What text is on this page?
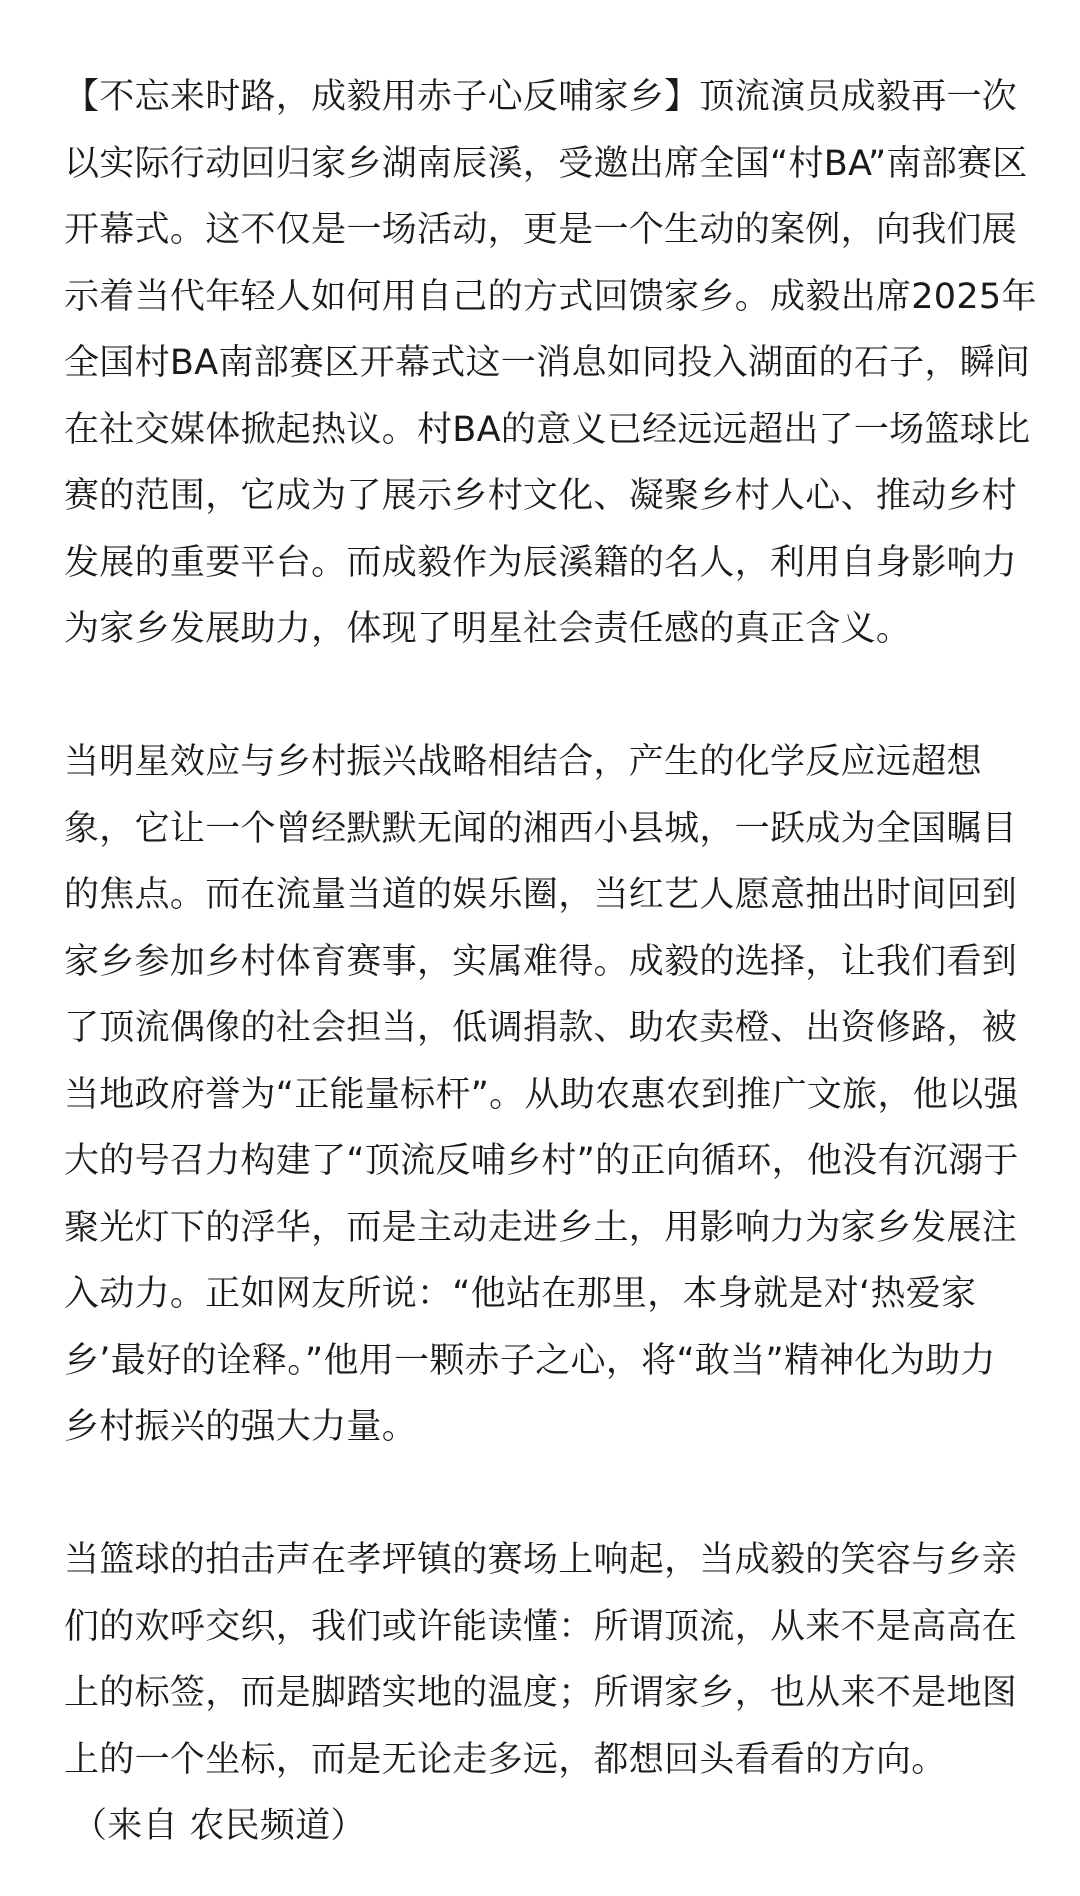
【不忘来时路，成毅用赤子心反哺家乡】顶流演员成毅再一次
以实际行动回归家乡湖南辰溪，受邀出席全国“村BA”南部赛区
开幕式。这不仅是一场活动，更是一个生动的案例，向我们展
示着当代年轻人如何用自己的方式回馈家乡。成毅出席2025年
全国村BA南部赛区开幕式这一消息如同投入湖面的石子，瞬间
在社交媒体掀起热议。村BA的意义已经远远超出了一场篮球比
赛的范围，它成为了展示乡村文化、凝聚乡村人心、推动乡村
发展的重要平台。而成毅作为辰溪籍的名人，利用自身影响力
为家乡发展助力，体现了明星社会责任感的真正含义。
当明星效应与乡村振兴战略相结合，产生的化学反应远超想
象，它让一个曾经默默无闻的湘西小县城，一跃成为全国瞩目
的焦点。而在流量当道的娱乐圈，当红艺人愿意抽出时间回到
家乡参加乡村体育赛事，实属难得。成毅的选择，让我们看到
了顶流偶像的社会担当，低调捐款、助农卖橙、出资修路，被
当地政府誉为“正能量标杆”。从助农惠农到推广文旅，他以强
大的号召力构建了“顶流反哺乡村”的正向循环，他没有沉溺于
聚光灯下的浮华，而是主动走进乡土，用影响力为家乡发展注
入动力。正如网友所说：“他站在那里，本身就是对‘热爱家
乡’最好的诠释。”他用一颗赤子之心，将“敢当”精神化为助力
乡村振兴的强大力量。
当篮球的拍击声在孝坪镇的赛场上响起，当成毅的笑容与乡亲
们的欢呼交织，我们或许能读懂：所谓顶流，从来不是高高在
上的标签，而是脚踏实地的温度；所谓家乡，也从来不是地图
上的一个坐标，而是无论走多远，都想回头看看的方向。
（来自 农民频道）
